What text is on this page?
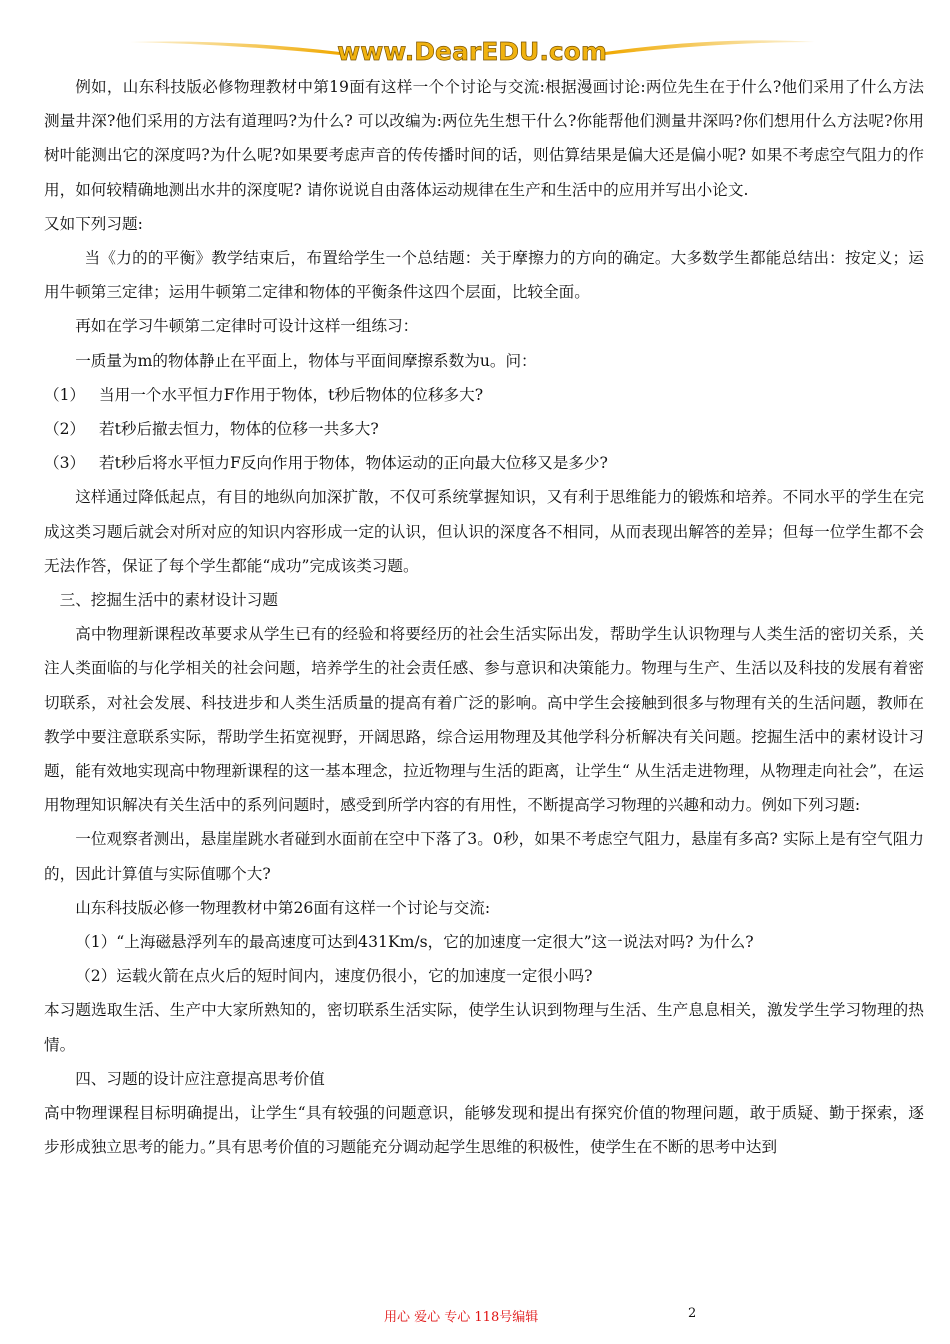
www.DearEDU.com

例如，山东科技版必修物理教材中第19面有这样一个个讨论与交流:根据漫画讨论:两位先生在于什么?他们采用了什么方法测量井深?他们采用的方法有道理吗?为什么? 可以改编为:两位先生想干什么?你能帮他们测量井深吗?你们想用什么方法呢?你用树叶能测出它的深度吗?为什么呢?如果要考虑声音的传传播时间的话，则估算结果是偏大还是偏小呢? 如果不考虑空气阻力的作用，如何较精确地测出水井的深度呢? 请你说说自由落体运动规律在生产和生活中的应用并写出小论文.

又如下列习题:

当《力的的平衡》教学结束后，布置给学生一个总结题：关于摩擦力的方向的确定。大多数学生都能总结出：按定义；运用牛顿第三定律；运用牛顿第二定律和物体的平衡条件这四个层面，比较全面。

再如在学习牛顿第二定律时可设计这样一组练习：

一质量为m的物体静止在平面上，物体与平面间摩擦系数为u。问：

（1） 当用一个水平恒力F作用于物体，t秒后物体的位移多大?

（2） 若t秒后撤去恒力，物体的位移一共多大?

（3） 若t秒后将水平恒力F反向作用于物体，物体运动的正向最大位移又是多少?

这样通过降低起点，有目的地纵向加深扩散，不仅可系统掌握知识，又有利于思维能力的锻炼和培养。不同水平的学生在完成这类习题后就会对所对应的知识内容形成一定的认识，但认识的深度各不相同，从而表现出解答的差异；但每一位学生都不会无法作答，保证了每个学生都能“成功”完成该类习题。

三、挖掘生活中的素材设计习题

高中物理新课程改革要求从学生已有的经验和将要经历的社会生活实际出发，帮助学生认识物理与人类生活的密切关系，关注人类面临的与化学相关的社会问题，培养学生的社会责任感、参与意识和决策能力。物理与生产、生活以及科技的发展有着密切联系，对社会发展、科技进步和人类生活质量的提高有着广泛的影响。高中学生会接触到很多与物理有关的生活问题，教师在教学中要注意联系实际，帮助学生拓宽视野，开阔思路，综合运用物理及其他学科分析解决有关问题。挖掘生活中的素材设计习题，能有效地实现高中物理新课程的这一基本理念，拉近物理与生活的距离，让学生“ 从生活走进物理，从物理走向社会”，在运用物理知识解决有关生活中的系列问题时，感受到所学内容的有用性，不断提高学习物理的兴趣和动力。例如下列习题:

一位观察者测出，悬崖崖跳水者碰到水面前在空中下落了3。0秒，如果不考虑空气阻力，悬崖有多高? 实际上是有空气阻力的，因此计算值与实际值哪个大?

山东科技版必修一物理教材中第26面有这样一个讨论与交流:

（1）“上海磁悬浮列车的最高速度可达到431Km/s，它的加速度一定很大”这一说法对吗? 为什么?

（2）运载火箭在点火后的短时间内，速度仍很小，它的加速度一定很小吗?

本习题选取生活、生产中大家所熟知的，密切联系生活实际，使学生认识到物理与生活、生产息息相关，激发学生学习物理的热情。

四、习题的设计应注意提高思考价值

高中物理课程目标明确提出，让学生“具有较强的问题意识，能够发现和提出有探究价值的物理问题，敢于质疑、勤于探索，逐步形成独立思考的能力。”具有思考价值的习题能充分调动起学生思维的积极性，使学生在不断的思考中达到

用心 爱心 专心 118号编辑	2
